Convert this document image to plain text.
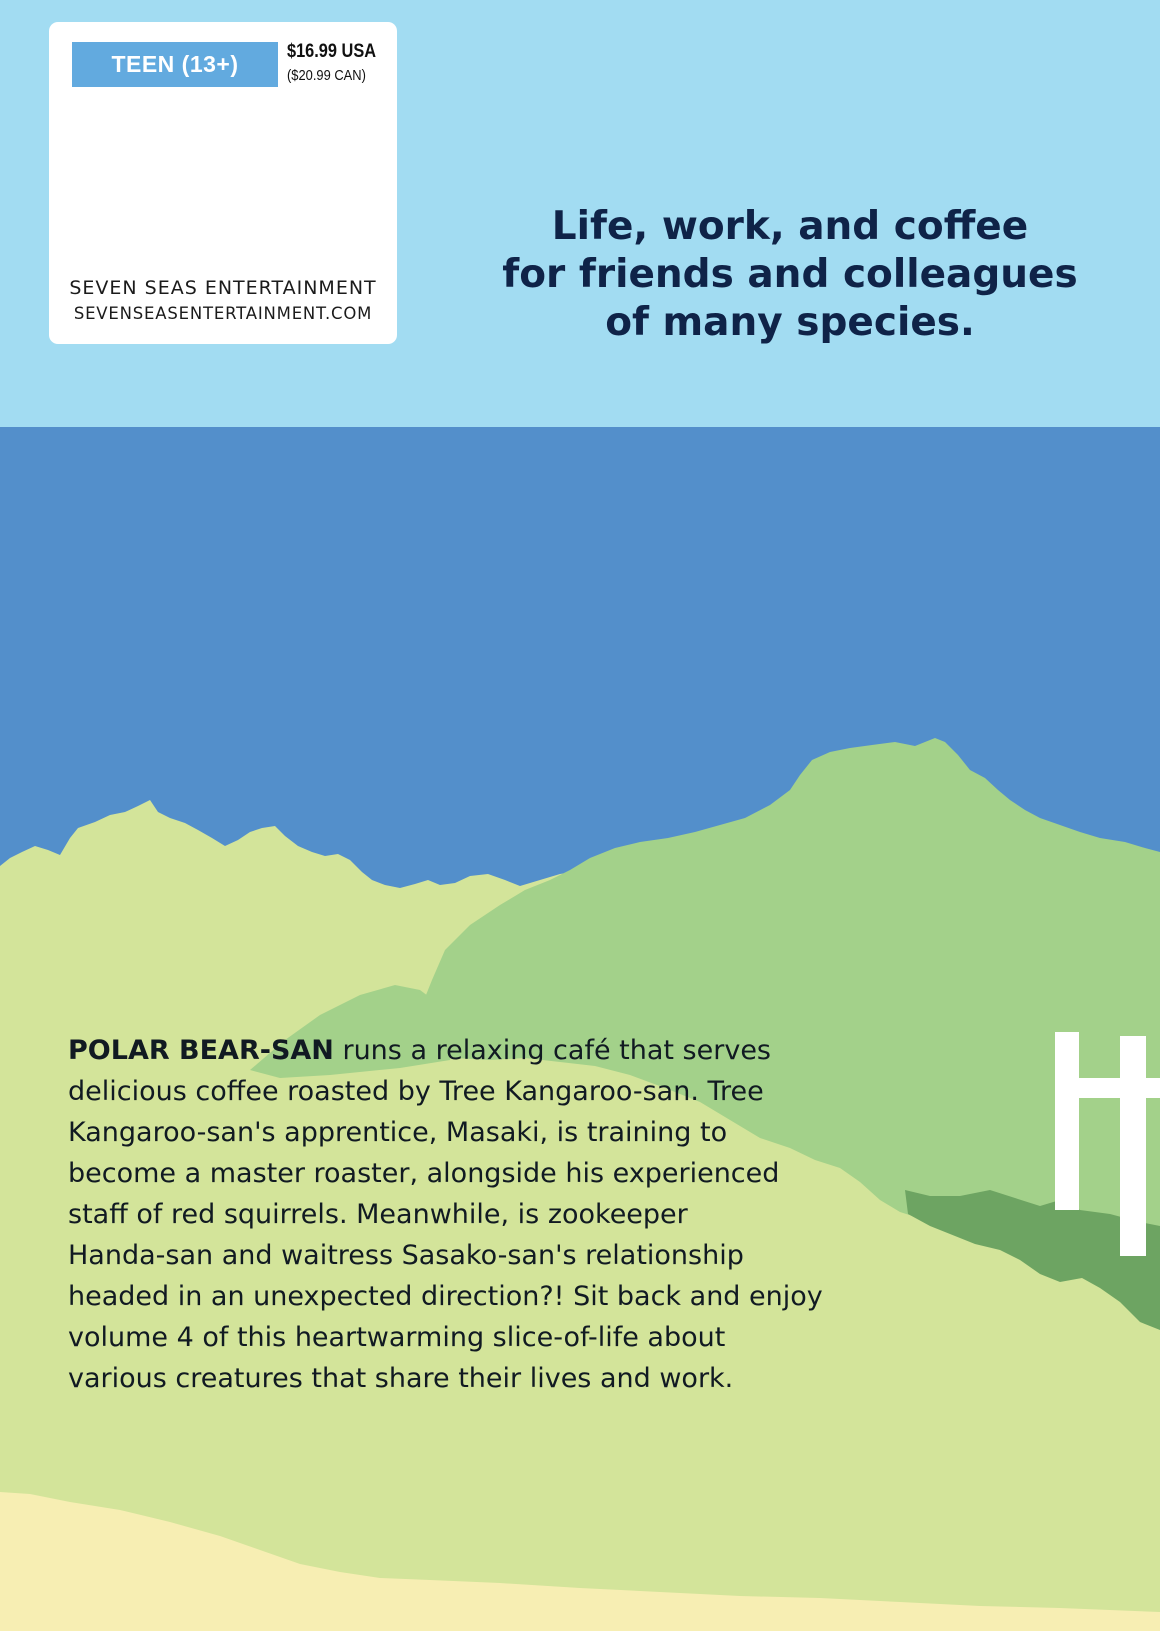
TEEN (13+)	$16.99 USA
($20.99 CAN)
SEVEN SEAS ENTERTAINMENT
SEVENSEASENTERTAINMENT.COM
Life, work, and coffee
for friends and colleagues
of many species.
POLAR BEAR-SAN runs a relaxing café that serves
delicious coffee roasted by Tree Kangaroo-san. Tree
Kangaroo-san's apprentice, Masaki, is training to
become a master roaster, alongside his experienced
staff of red squirrels. Meanwhile, is zookeeper
Handa-san and waitress Sasako-san's relationship
headed in an unexpected direction?! Sit back and enjoy
volume 4 of this heartwarming slice-of-life about
various creatures that share their lives and work.
